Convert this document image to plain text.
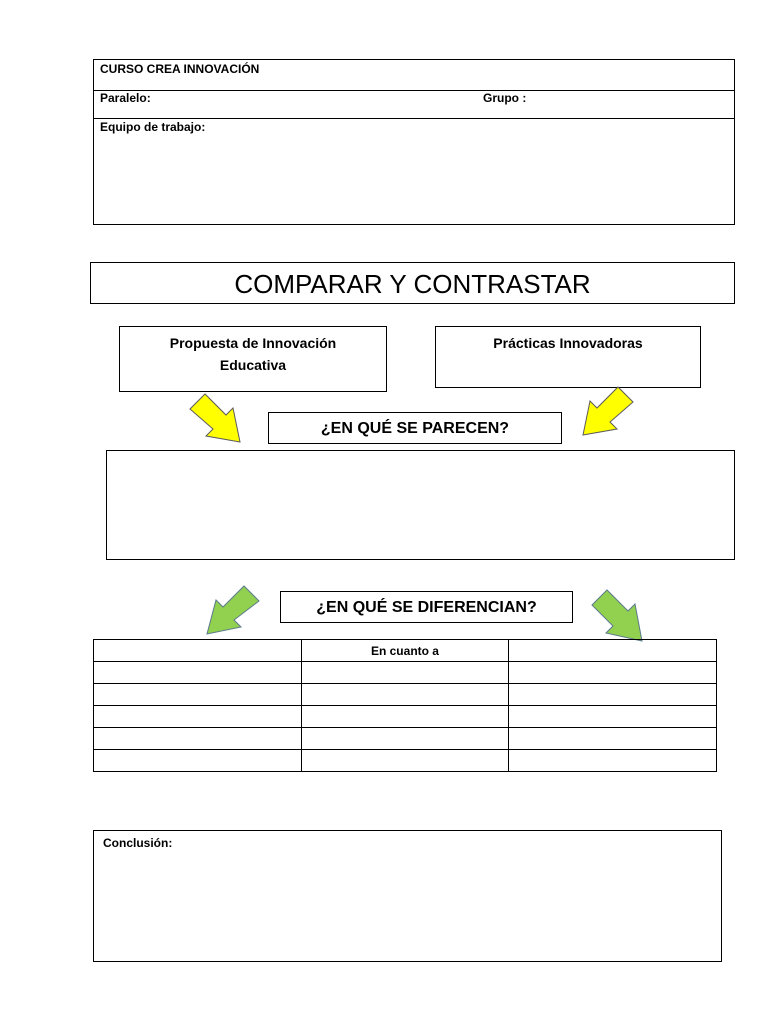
CURSO CREA INNOVACIÓN
Paralelo:	Grupo :
Equipo de trabajo:
COMPARAR Y CONTRASTAR
Propuesta de Innovación Educativa
Prácticas Innovadoras
¿EN QUÉ SE PARECEN?
¿EN QUÉ SE DIFERENCIAN?
	En cuanto a	

Conclusión:
